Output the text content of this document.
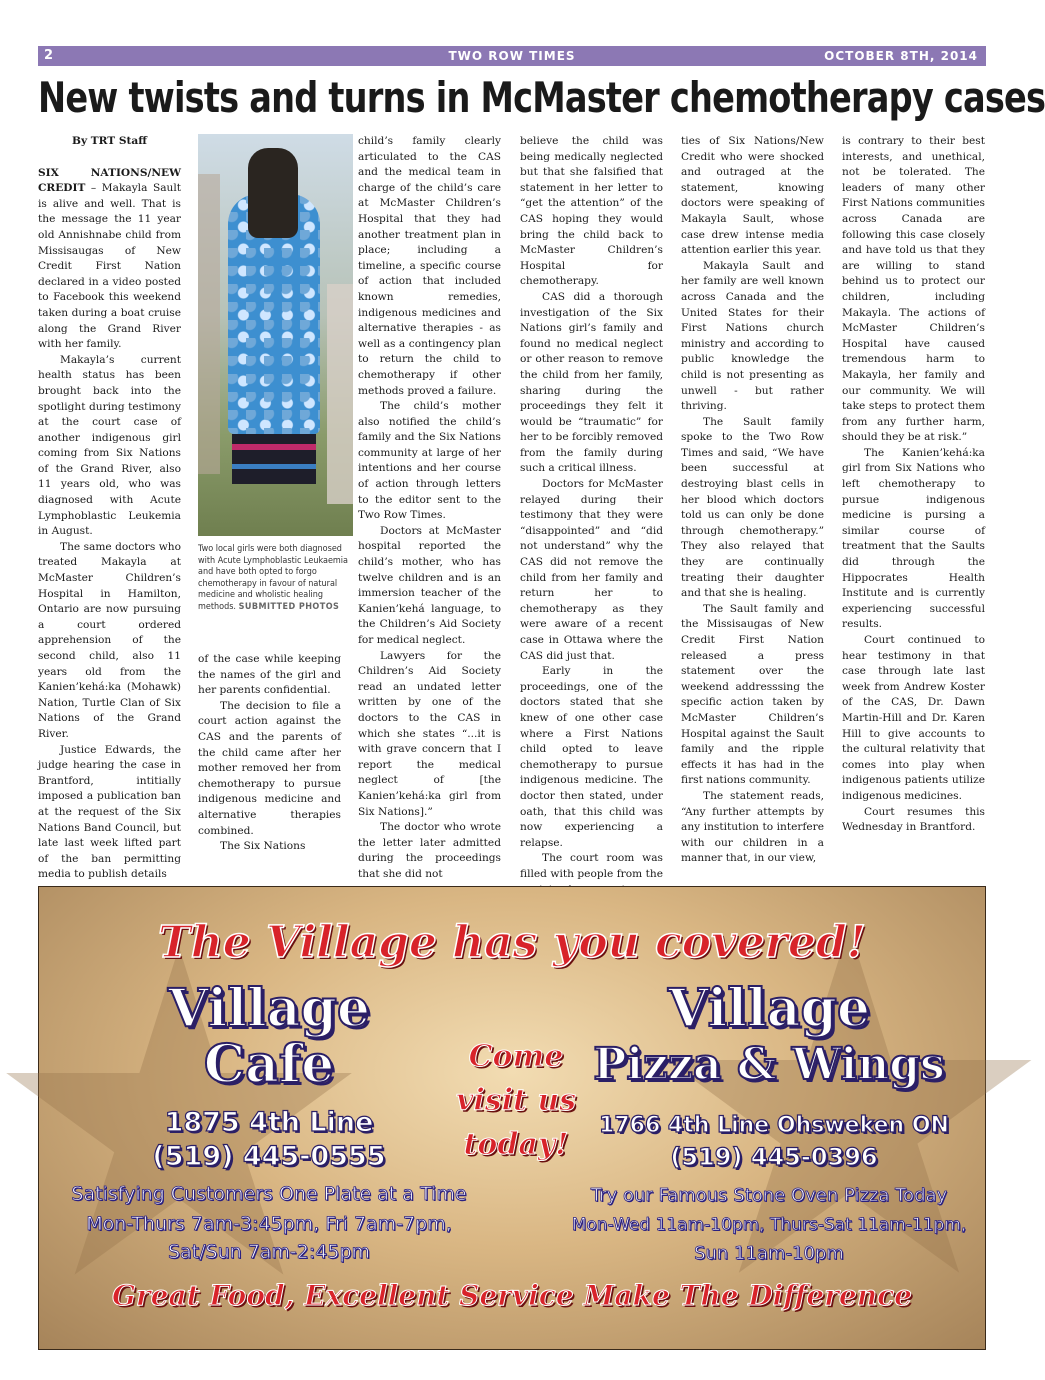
2	TWO ROW TIMES	OCTOBER 8TH, 2014
New twists and turns in McMaster chemotherapy cases

By TRT Staff

SIX NATIONS/NEW CREDIT – Makayla Sault is alive and well. That is the message the 11 year old Annishnabe child from Missisaugas of New Credit First Nation declared in a video posted to Facebook this weekend taken during a boat cruise along the Grand River with her family.

Makayla’s current health status has been brought back into the spotlight during testimony at the court case of another indigenous girl coming from Six Nations of the Grand River, also 11 years old, who was diagnosed with Acute Lymphoblastic Leukemia in August.

The same doctors who treated Makayla at McMaster Children’s Hospital in Hamilton, Ontario are now pursuing a court ordered apprehension of the second child, also 11 years old from the Kanien’kehá:ka (Mohawk) Nation, Turtle Clan of Six Nations of the Grand River.

Justice Edwards, the judge hearing the case in Brantford, intitially imposed a publication ban at the request of the Six Nations Band Council, but late last week lifted part of the ban permitting media to publish details

Two local girls were both diagnosed with Acute Lymphoblastic Leukaemia and have both opted to forgo chemotherapy in favour of natural medicine and wholistic healing methods. SUBMITTED PHOTOS

of the case while keeping the names of the girl and her parents confidential.

The decision to file a court action against the CAS and the parents of the child came after her mother removed her from chemotherapy to pursue indigenous medicine and alternative therapies combined.

The Six Nations

child’s family clearly articulated to the CAS and the medical team in charge of the child’s care at McMaster Children’s Hospital that they had another treatment plan in place; including a timeline, a specific course of action that included known remedies, indigenous medicines and alternative therapies - as well as a contingency plan to return the child to chemotherapy if other methods proved a failure.

The child’s mother also notified the child’s family and the Six Nations community at large of her intentions and her course of action through letters to the editor sent to the Two Row Times.

Doctors at McMaster hospital reported the child’s mother, who has twelve children and is an immersion teacher of the Kanien’kehá language, to the Children’s Aid Society for medical neglect.

Lawyers for the Children’s Aid Society read an undated letter written by one of the doctors to the CAS in which she states “...it is with grave concern that I report the medical neglect of [the Kanien’kehá:ka girl from Six Nations].”

The doctor who wrote the letter later admitted during the proceedings that she did not

believe the child was being medically neglected but that she falsified that statement in her letter to “get the attention” of the CAS hoping they would bring the child back to McMaster Children’s Hospital for chemotherapy.

CAS did a thorough investigation of the Six Nations girl’s family and found no medical neglect or other reason to remove the child from her family, sharing during the proceedings they felt it would be “traumatic” for her to be forcibly removed from the family during such a critical illness.

Doctors for McMaster relayed during their testimony that they were “disappointed” and “did not understand” why the CAS did not remove the child from her family and return her to chemotherapy as they were aware of a recent case in Ottawa where the CAS did just that.

Early in the proceedings, one of the doctors stated that she knew of one other case where a First Nations child opted to leave chemotherapy to pursue indigenous medicine. The doctor then stated, under oath, that this child was now experiencing a relapse.

The court room was filled with people from the

ties of Six Nations/New Credit who were shocked and outraged at the statement, knowing doctors were speaking of Makayla Sault, whose case drew intense media attention earlier this year.

Makayla Sault and her family are well known across Canada and the United States for their First Nations church ministry and according to public knowledge the child is not presenting as unwell - but rather thriving.

The Sault family spoke to the Two Row Times and said, “We have been successful at destroying blast cells in her blood which doctors told us can only be done through chemotherapy.” They also relayed that they are continually treating their daughter and that she is healing.

The Sault family and the Missisaugas of New Credit First Nation released a press statement over the weekend addresssing the specific action taken by McMaster Children’s Hospital against the Sault family and the ripple effects it has had in the first nations community.

The statement reads, “Any further attempts by any institution to interfere with our children in a manner that, in our view,

is contrary to their best interests, and unethical, not be tolerated. The leaders of many other First Nations communities across Canada are following this case closely and have told us that they are willing to stand behind us to protect our children, including Makayla. The actions of McMaster Children’s Hospital have caused tremendous harm to Makayla, her family and our community. We will take steps to protect them from any further harm, should they be at risk.”

The Kanien’kehá:ka girl from Six Nations who left chemotherapy to pursue indigenous medicine is pursing a similar course of treatment that the Saults did through the Hippocrates Health Institute and is currently experiencing successful results.

Court continued to hear testimony in that case through late last week from Andrew Koster of the CAS, Dr. Dawn Martin-Hill and Dr. Karen Hill to give accounts to the cultural relativity that comes into play when indigenous patients utilize indigenous medicines.

Court resumes this Wednesday in Brantford.

The Village has you covered!
Village
Cafe
1875 4th Line
(519) 445-0555
Satisfying Customers One Plate at a Time
Mon-Thurs 7am-3:45pm, Fri 7am-7pm,
Sat/Sun 7am-2:45pm
Come
visit us
today!
Village
Pizza & Wings
1766 4th Line Ohsweken ON
(519) 445-0396
Try our Famous Stone Oven Pizza Today
Mon-Wed 11am-10pm, Thurs-Sat 11am-11pm,
Sun 11am-10pm
Great Food, Excellent Service Make The Difference
